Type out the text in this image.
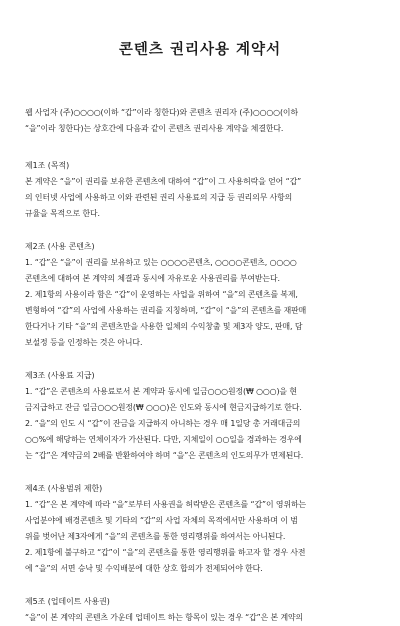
콘텐츠 권리사용 계약서

웹 사업자 (주)○○○○(이하 “갑”이라 칭한다)와 콘텐츠 권리자 (주)○○○○(이하

“을”이라 칭한다)는 상호간에 다음과 같이 콘텐츠 권리사용 계약을 체결한다.

제1조 (목적)

본 계약은 “을”이 권리를 보유한 콘텐츠에 대하여 “갑”이 그 사용허락을 얻어 “갑”

의 인터넷 사업에 사용하고 이와 관련된 권리 사용료의 지급 등 권리의무 사항의

규율을 목적으로 한다.

제2조 (사용 콘텐츠)

1. “갑”은 “을”이 권리를 보유하고 있는 ○○○○콘텐츠, ○○○○콘텐츠, ○○○○

콘텐츠에 대하여 본 계약의 체결과 동시에 자유로운 사용권리를 부여받는다.

2. 제1항의 사용이라 함은 “갑”이 운영하는 사업을 위하여 “을”의 콘텐츠를 복제,

변형하여 “갑”의 사업에 사용하는 권리를 지칭하며, “갑”이 “을”의 콘텐츠를 재판매

한다거나 기타 “을”의 콘텐츠만을 사용한 일체의 수익창출 및 제3자 양도, 판매, 담

보설정 등을 인정하는 것은 아니다.

제3조 (사용료 지급)

1. “갑”은 콘텐츠의 사용료로서 본 계약과 동시에 일금○○○원정(₩ ○○○)을 현

금지급하고 잔금 일금○○○원정(₩ ○○○)은 인도와 동시에 현금지급하기로 한다.

2. “을”의 인도 시 “갑”이 잔금을 지급하지 아니하는 경우 매 1일당 총 거래대금의

○○%에 해당하는 연체이자가 가산된다. 다만, 지체일이 ○○일을 경과하는 경우에

는 “갑”은 계약금의 2배를 반환하여야 하며 “을”은 콘텐츠의 인도의무가 면제된다.

제4조 (사용범위 제한)

1. “갑”은 본 계약에 따라 “을”로부터 사용권을 허락받은 콘텐츠를 “갑”이 영위하는

사업분야에 배경콘텐츠 및 기타의 “갑”의 사업 자체의 목적에서만 사용하며 이 범

위를 벗어난 제3자에게 “을”의 콘텐츠를 통한 영리행위를 하여서는 아니된다.

2. 제1항에 불구하고 “갑”이 “을”의 콘텐츠를 통한 영리행위를 하고자 할 경우 사전

에 “을”의 서면 승낙 및 수익배분에 대한 상호 합의가 전제되어야 한다.

제5조 (업데이트 사용권)

“을”이 본 계약의 콘텐츠 가운데 업데이트 하는 항목이 있는 경우 “갑”은 본 계약의
